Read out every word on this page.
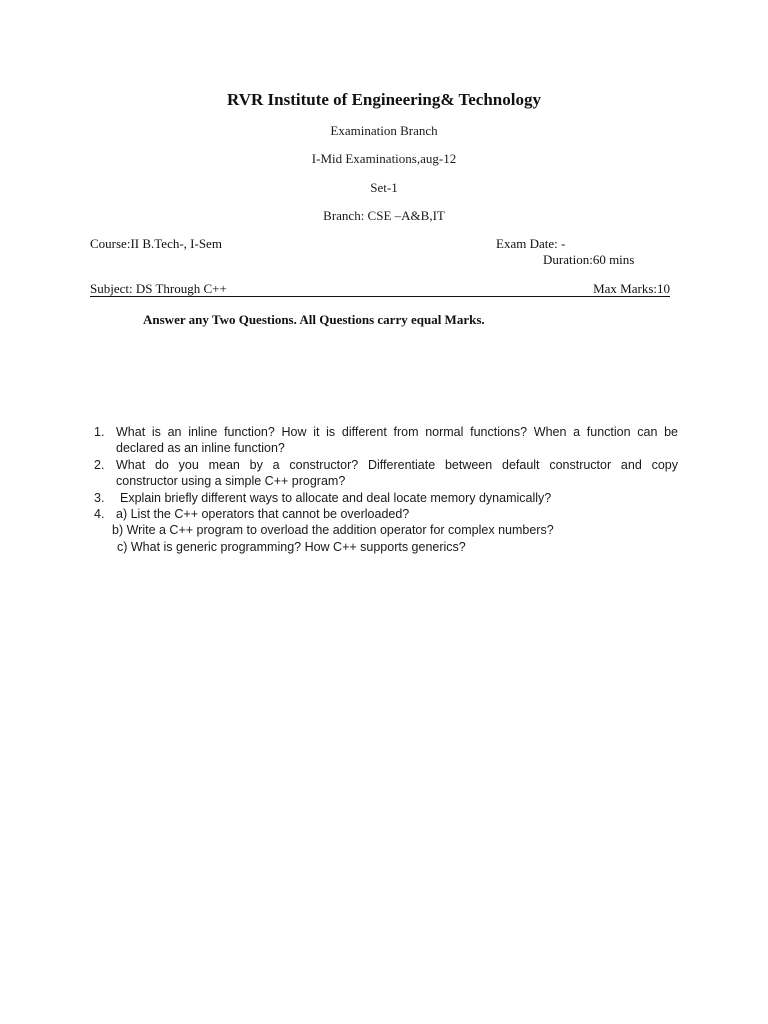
RVR Institute of Engineering& Technology
Examination Branch
I-Mid Examinations,aug-12
Set-1
Branch: CSE –A&B,IT
Course:II B.Tech-, I-Sem	Exam Date: -
Duration:60 mins
Subject: DS Through C++	Max Marks:10
Answer any Two Questions. All Questions carry equal Marks.
1. What is an inline function? How it is different from normal functions? When a function can be
declared as an inline function?
2. What do you mean by a constructor? Differentiate between default constructor and copy
constructor using a simple C++ program?
3. Explain briefly different ways to allocate and deal locate memory dynamically?
4. a) List the C++ operators that cannot be overloaded?
b) Write a C++ program to overload the addition operator for complex numbers?
c) What is generic programming? How C++ supports generics?
